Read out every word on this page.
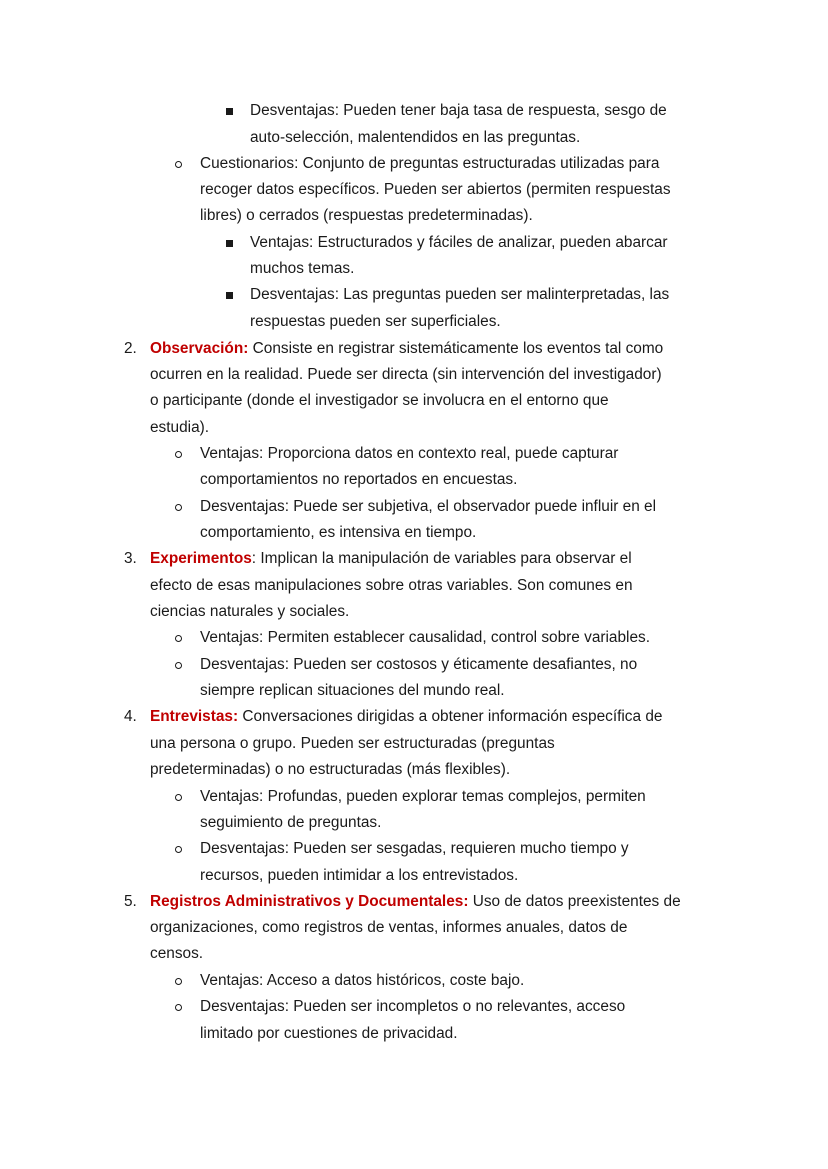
Desventajas: Pueden tener baja tasa de respuesta, sesgo de
auto-selección, malentendidos en las preguntas.
Cuestionarios: Conjunto de preguntas estructuradas utilizadas para
recoger datos específicos. Pueden ser abiertos (permiten respuestas
libres) o cerrados (respuestas predeterminadas).
Ventajas: Estructurados y fáciles de analizar, pueden abarcar
muchos temas.
Desventajas: Las preguntas pueden ser malinterpretadas, las
respuestas pueden ser superficiales.
2. Observación: Consiste en registrar sistemáticamente los eventos tal como
ocurren en la realidad. Puede ser directa (sin intervención del investigador)
o participante (donde el investigador se involucra en el entorno que
estudia).
Ventajas: Proporciona datos en contexto real, puede capturar
comportamientos no reportados en encuestas.
Desventajas: Puede ser subjetiva, el observador puede influir en el
comportamiento, es intensiva en tiempo.
3. Experimentos: Implican la manipulación de variables para observar el
efecto de esas manipulaciones sobre otras variables. Son comunes en
ciencias naturales y sociales.
Ventajas: Permiten establecer causalidad, control sobre variables.
Desventajas: Pueden ser costosos y éticamente desafiantes, no
siempre replican situaciones del mundo real.
4. Entrevistas: Conversaciones dirigidas a obtener información específica de
una persona o grupo. Pueden ser estructuradas (preguntas
predeterminadas) o no estructuradas (más flexibles).
Ventajas: Profundas, pueden explorar temas complejos, permiten
seguimiento de preguntas.
Desventajas: Pueden ser sesgadas, requieren mucho tiempo y
recursos, pueden intimidar a los entrevistados.
5. Registros Administrativos y Documentales: Uso de datos preexistentes de
organizaciones, como registros de ventas, informes anuales, datos de
censos.
Ventajas: Acceso a datos históricos, coste bajo.
Desventajas: Pueden ser incompletos o no relevantes, acceso
limitado por cuestiones de privacidad.
